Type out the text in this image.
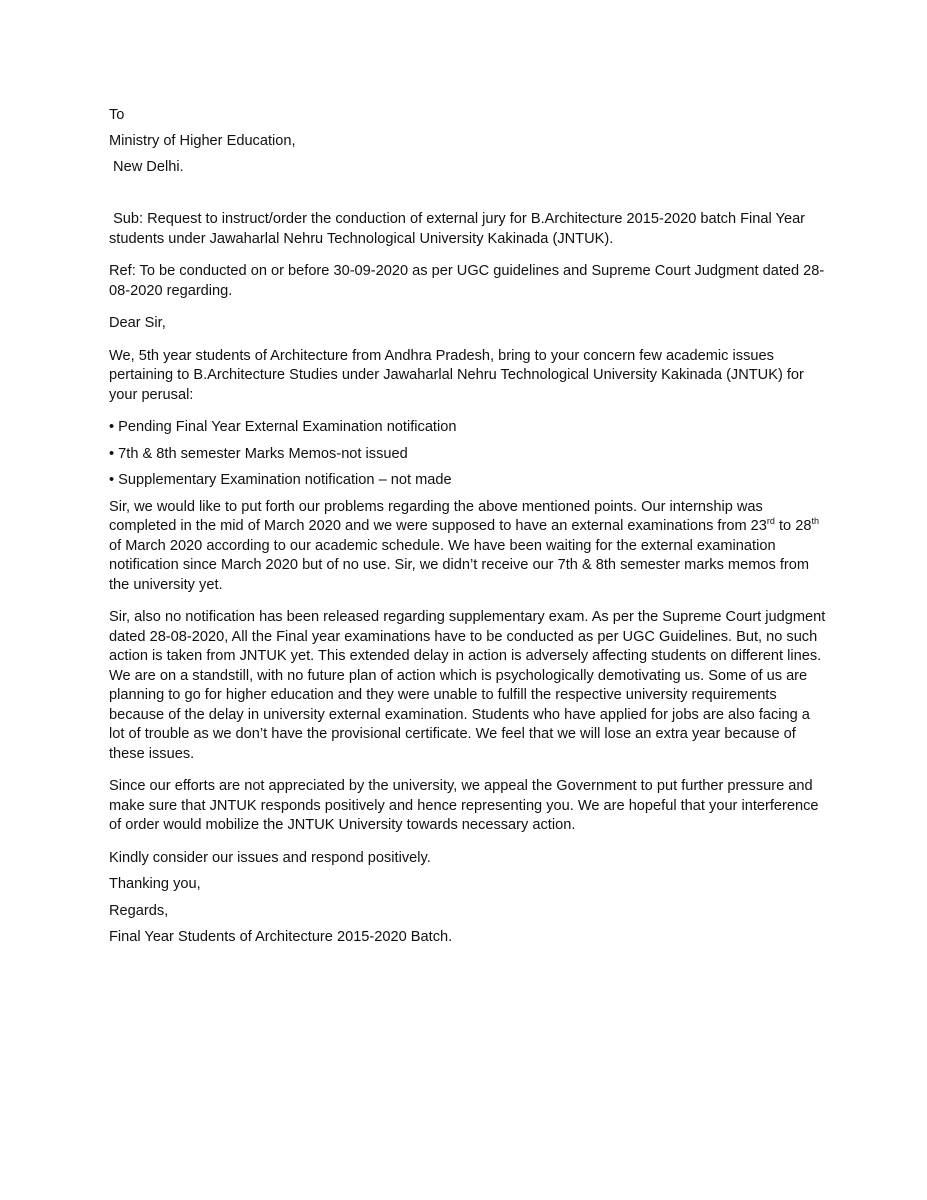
To
Ministry of Higher Education,
New Delhi.

Sub: Request to instruct/order the conduction of external jury for B.Architecture 2015-2020 batch Final Year students under Jawaharlal Nehru Technological University Kakinada (JNTUK).

Ref: To be conducted on or before 30-09-2020 as per UGC guidelines and Supreme Court Judgment dated 28-08-2020 regarding.

Dear Sir,

We, 5th year students of Architecture from Andhra Pradesh, bring to your concern few academic issues pertaining to B.Architecture Studies under Jawaharlal Nehru Technological University Kakinada (JNTUK) for your perusal:

• Pending Final Year External Examination notification
• 7th & 8th semester Marks Memos-not issued
• Supplementary Examination notification – not made

Sir, we would like to put forth our problems regarding the above mentioned points. Our internship was completed in the mid of March 2020 and we were supposed to have an external examinations from 23rd to 28th of March 2020 according to our academic schedule. We have been waiting for the external examination notification since March 2020 but of no use. Sir, we didn’t receive our 7th & 8th semester marks memos from the university yet.

Sir, also no notification has been released regarding supplementary exam. As per the Supreme Court judgment dated 28-08-2020, All the Final year examinations have to be conducted as per UGC Guidelines. But, no such action is taken from JNTUK yet. This extended delay in action is adversely affecting students on different lines. We are on a standstill, with no future plan of action which is psychologically demotivating us. Some of us are planning to go for higher education and they were unable to fulfill the respective university requirements because of the delay in university external examination. Students who have applied for jobs are also facing a lot of trouble as we don’t have the provisional certificate. We feel that we will lose an extra year because of these issues.

Since our efforts are not appreciated by the university, we appeal the Government to put further pressure and make sure that JNTUK responds positively and hence representing you. We are hopeful that your interference of order would mobilize the JNTUK University towards necessary action.

Kindly consider our issues and respond positively.

Thanking you,

Regards,

Final Year Students of Architecture 2015-2020 Batch.
